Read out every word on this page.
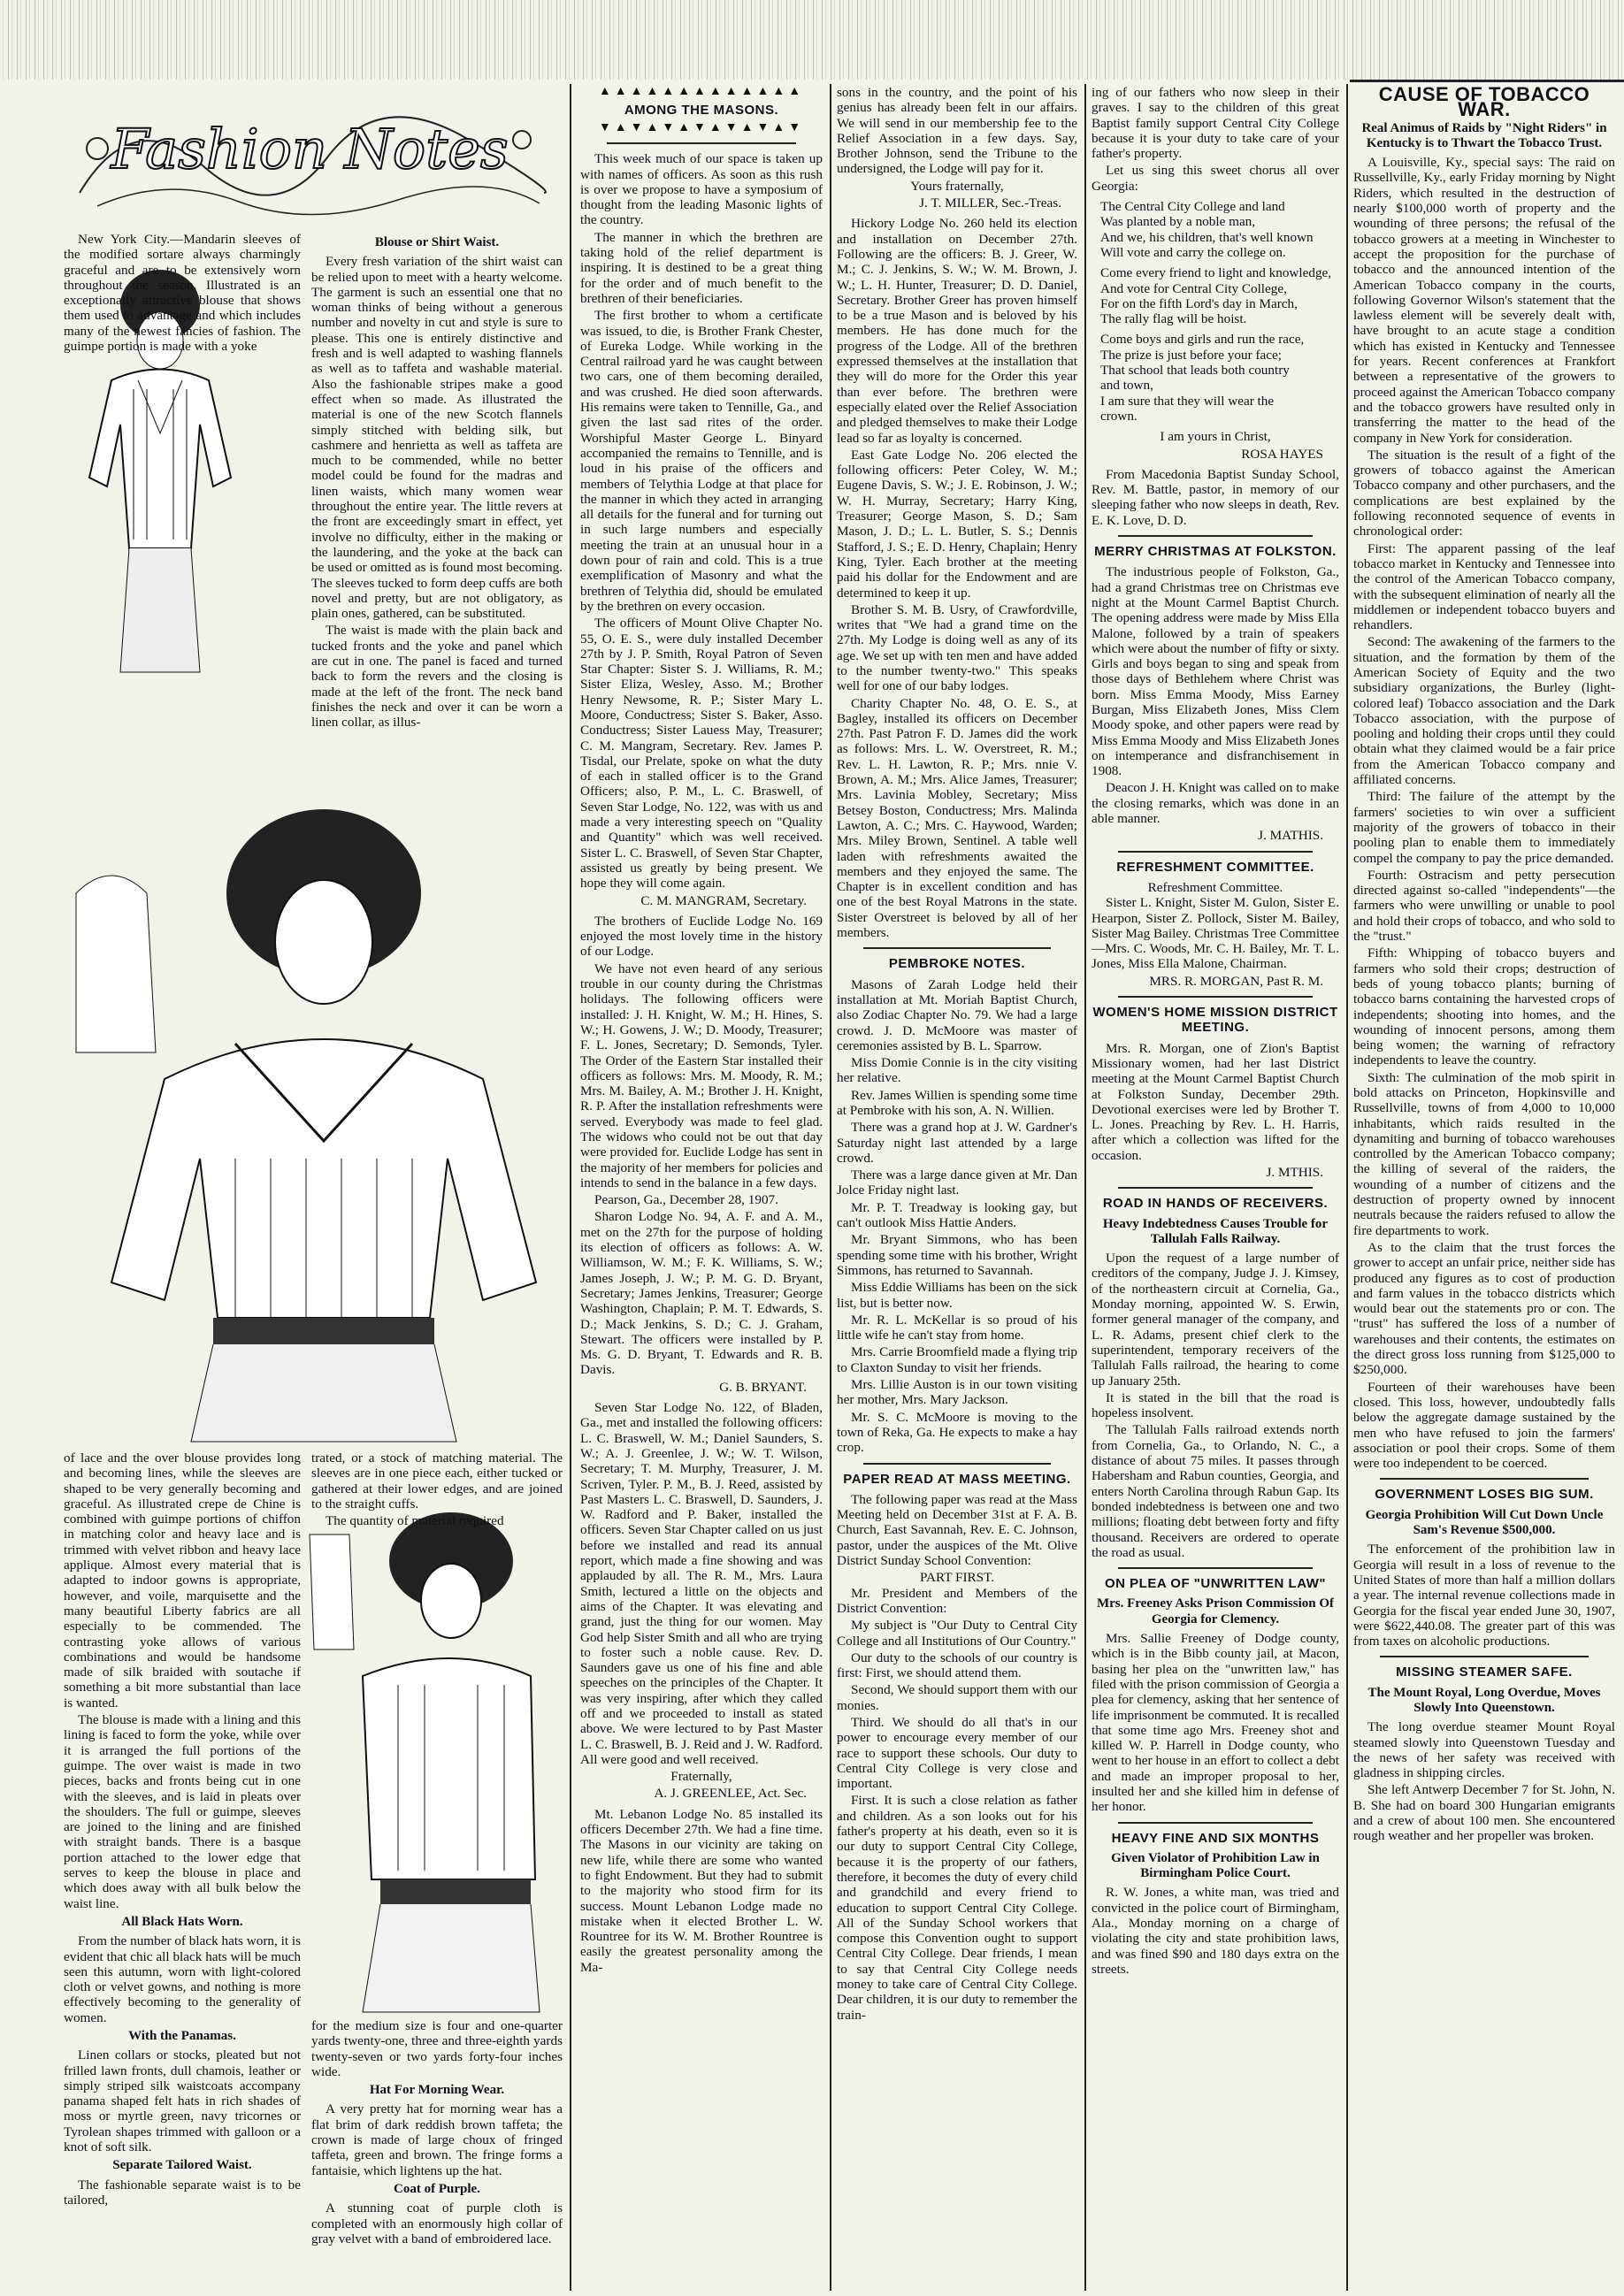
Fashion Notes

New York City.—Mandarin sleeves of the modified sortare always charmingly graceful and are to be extensively worn throughout the season. Illustrated is an exceptionally attractive blouse that shows them used to advantage and which includes many of the newest fancies of fashion. The guimpe portion is made with a yoke

of lace and the over blouse provides long and becoming lines, while the sleeves are shaped to be very generally becoming and graceful. As illustrated crepe de Chine is combined with guimpe portions of chiffon in matching color and heavy lace and is trimmed with velvet ribbon and heavy lace applique. Almost every material that is adapted to indoor gowns is appropriate, however, and voile, marquisette and the many beautiful Liberty fabrics are all especially to be commended. The contrasting yoke allows of various combinations and would be handsome made of silk braided with soutache if something a bit more substantial than lace is wanted.

The blouse is made with a lining and this lining is faced to form the yoke, while over it is arranged the full portions of the guimpe. The over waist is made in two pieces, backs and fronts being cut in one with the sleeves, and is laid in pleats over the shoulders. The full or guimpe, sleeves are joined to the lining and are finished with straight bands. There is a basque portion attached to the lower edge that serves to keep the blouse in place and which does away with all bulk below the waist line.

All Black Hats Worn.

From the number of black hats worn, it is evident that chic all black hats will be much seen this autumn, worn with light-colored cloth or velvet gowns, and nothing is more effectively becoming to the generality of women.

With the Panamas.

Linen collars or stocks, pleated but not frilled lawn fronts, dull chamois, leather or simply striped silk waistcoats accompany panama shaped felt hats in rich shades of moss or myrtle green, navy tricornes or Tyrolean shapes trimmed with galloon or a knot of soft silk.

Separate Tailored Waist.

The fashionable separate waist is to be tailored,

Blouse or Shirt Waist.

Every fresh variation of the shirt waist can be relied upon to meet with a hearty welcome. The garment is such an essential one that no woman thinks of being without a generous number and novelty in cut and style is sure to please. This one is entirely distinctive and fresh and is well adapted to washing flannels as well as to taffeta and washable material. Also the fashionable stripes make a good effect when so made. As illustrated the material is one of the new Scotch flannels simply stitched with belding silk, but cashmere and henrietta as well as taffeta are much to be commended, while no better model could be found for the madras and linen waists, which many women wear throughout the entire year. The little revers at the front are exceedingly smart in effect, yet involve no difficulty, either in the making or the laundering, and the yoke at the back can be used or omitted as is found most becoming. The sleeves tucked to form deep cuffs are both novel and pretty, but are not obligatory, as plain ones, gathered, can be substituted.

The waist is made with the plain back and tucked fronts and the yoke and panel which are cut in one. The panel is faced and turned back to form the revers and the closing is made at the left of the front. The neck band finishes the neck and over it can be worn a linen collar, as illus-

trated, or a stock of matching material. The sleeves are in one piece each, either tucked or gathered at their lower edges, and are joined to the straight cuffs.

The quantity of material required

for the medium size is four and one-quarter yards twenty-one, three and three-eighth yards twenty-seven or two yards forty-four inches wide.

Hat For Morning Wear.

A very pretty hat for morning wear has a flat brim of dark reddish brown taffeta; the crown is made of large choux of fringed taffeta, green and brown. The fringe forms a fantaisie, which lightens up the hat.

Coat of Purple.

A stunning coat of purple cloth is completed with an enormously high collar of gray velvet with a band of embroidered lace.

▲▲▲▲▲▲▲▲▲▲▲▲▲
AMONG THE MASONS.
▼▲▼▲▼▲▼▲▼▲▼▲▼

This week much of our space is taken up with names of officers. As soon as this rush is over we propose to have a symposium of thought from the leading Masonic lights of the country.

The manner in which the brethren are taking hold of the relief department is inspiring. It is destined to be a great thing for the order and of much benefit to the brethren of their beneficiaries.

The first brother to whom a certificate was issued, to die, is Brother Frank Chester, of Eureka Lodge. While working in the Central railroad yard he was caught between two cars, one of them becoming derailed, and was crushed. He died soon afterwards. His remains were taken to Tennille, Ga., and given the last sad rites of the order. Worshipful Master George L. Binyard accompanied the remains to Tennille, and is loud in his praise of the officers and members of Telythia Lodge at that place for the manner in which they acted in arranging all details for the funeral and for turning out in such large numbers and especially meeting the train at an unusual hour in a down pour of rain and cold. This is a true exemplification of Masonry and what the brethren of Telythia did, should be emulated by the brethren on every occasion.

The officers of Mount Olive Chapter No. 55, O. E. S., were duly installed December 27th by J. P. Smith, Royal Patron of Seven Star Chapter: Sister S. J. Williams, R. M.; Sister Eliza, Wesley, Asso. M.; Brother Henry Newsome, R. P.; Sister Mary L. Moore, Conductress; Sister S. Baker, Asso. Conductress; Sister Lauess May, Treasurer; C. M. Mangram, Secretary. Rev. James P. Tisdal, our Prelate, spoke on what the duty of each in stalled officer is to the Grand Officers; also, P. M., L. C. Braswell, of Seven Star Lodge, No. 122, was with us and made a very interesting speech on "Quality and Quantity" which was well received. Sister L. C. Braswell, of Seven Star Chapter, assisted us greatly by being present. We hope they will come again.

C. M. MANGRAM, Secretary.

The brothers of Euclide Lodge No. 169 enjoyed the most lovely time in the history of our Lodge.

We have not even heard of any serious trouble in our county during the Christmas holidays. The following officers were installed: J. H. Knight, W. M.; H. Hines, S. W.; H. Gowens, J. W.; D. Moody, Treasurer; F. L. Jones, Secretary; D. Semonds, Tyler. The Order of the Eastern Star installed their officers as follows: Mrs. M. Moody, R. M.; Mrs. M. Bailey, A. M.; Brother J. H. Knight, R. P. After the installation refreshments were served. Everybody was made to feel glad. The widows who could not be out that day were provided for. Euclide Lodge has sent in the majority of her members for policies and intends to send in the balance in a few days.

Pearson, Ga., December 28, 1907.

Sharon Lodge No. 94, A. F. and A. M., met on the 27th for the purpose of holding its election of officers as follows: A. W. Williamson, W. M.; F. K. Williams, S. W.; James Joseph, J. W.; P. M. G. D. Bryant, Secretary; James Jenkins, Treasurer; George Washington, Chaplain; P. M. T. Edwards, S. D.; Mack Jenkins, S. D.; C. J. Graham, Stewart. The officers were installed by P. Ms. G. D. Bryant, T. Edwards and R. B. Davis.

G. B. BRYANT.

Seven Star Lodge No. 122, of Bladen, Ga., met and installed the following officers: L. C. Braswell, W. M.; Daniel Saunders, S. W.; A. J. Greenlee, J. W.; W. T. Wilson, Secretary; T. M. Murphy, Treasurer, J. M. Scriven, Tyler. P. M., B. J. Reed, assisted by Past Masters L. C. Braswell, D. Saunders, J. W. Radford and P. Baker, installed the officers. Seven Star Chapter called on us just before we installed and read its annual report, which made a fine showing and was applauded by all. The R. M., Mrs. Laura Smith, lectured a little on the objects and aims of the Chapter. It was elevating and grand, just the thing for our women. May God help Sister Smith and all who are trying to foster such a noble cause. Rev. D. Saunders gave us one of his fine and able speeches on the principles of the Chapter. It was very inspiring, after which they called off and we proceeded to install as stated above. We were lectured to by Past Master L. C. Braswell, B. J. Reid and J. W. Radford. All were good and well received.

Fraternally,
A. J. GREENLEE, Act. Sec.

Mt. Lebanon Lodge No. 85 installed its officers December 27th. We had a fine time. The Masons in our vicinity are taking on new life, while there are some who wanted to fight Endowment. But they had to submit to the majority who stood firm for its success. Mount Lebanon Lodge made no mistake when it elected Brother L. W. Rountree for its W. M. Brother Rountree is easily the greatest personality among the Ma-

sons in the country, and the point of his genius has already been felt in our affairs. We will send in our membership fee to the Relief Association in a few days. Say, Brother Johnson, send the Tribune to the undersigned, the Lodge will pay for it.

Yours fraternally,
J. T. MILLER, Sec.-Treas.

Hickory Lodge No. 260 held its election and installation on December 27th. Following are the officers: B. J. Greer, W. M.; C. J. Jenkins, S. W.; W. M. Brown, J. W.; L. H. Hunter, Treasurer; D. D. Daniel, Secretary. Brother Greer has proven himself to be a true Mason and is beloved by his members. He has done much for the progress of the Lodge. All of the brethren expressed themselves at the installation that they will do more for the Order this year than ever before. The brethren were especially elated over the Relief Association and pledged themselves to make their Lodge lead so far as loyalty is concerned.

East Gate Lodge No. 206 elected the following officers: Peter Coley, W. M.; Eugene Davis, S. W.; J. E. Robinson, J. W.; W. H. Murray, Secretary; Harry King, Treasurer; George Mason, S. D.; Sam Mason, J. D.; L. L. Butler, S. S.; Dennis Stafford, J. S.; E. D. Henry, Chaplain; Henry King, Tyler. Each brother at the meeting paid his dollar for the Endowment and are determined to keep it up.

Brother S. M. B. Usry, of Crawfordville, writes that "We had a grand time on the 27th. My Lodge is doing well as any of its age. We set up with ten men and have added to the number twenty-two." This speaks well for one of our baby lodges.

Charity Chapter No. 48, O. E. S., at Bagley, installed its officers on December 27th. Past Patron F. D. James did the work as follows: Mrs. L. W. Overstreet, R. M.; Rev. L. H. Lawton, R. P.; Mrs. nnie V. Brown, A. M.; Mrs. Alice James, Treasurer; Mrs. Lavinia Mobley, Secretary; Miss Betsey Boston, Conductress; Mrs. Malinda Lawton, A. C.; Mrs. C. Haywood, Warden; Mrs. Miley Brown, Sentinel. A table well laden with refreshments awaited the members and they enjoyed the same. The Chapter is in excellent condition and has one of the best Royal Matrons in the state. Sister Overstreet is beloved by all of her members.

PEMBROKE NOTES.

Masons of Zarah Lodge held their installation at Mt. Moriah Baptist Church, also Zodiac Chapter No. 79. We had a large crowd. J. D. McMoore was master of ceremonies assisted by B. L. Sparrow.

Miss Domie Connie is in the city visiting her relative.

Rev. James Willien is spending some time at Pembroke with his son, A. N. Willien.

There was a grand hop at J. W. Gardner's Saturday night last attended by a large crowd.

There was a large dance given at Mr. Dan Jolce Friday night last.

Mr. P. T. Treadway is looking gay, but can't outlook Miss Hattie Anders.

Mr. Bryant Simmons, who has been spending some time with his brother, Wright Simmons, has returned to Savannah.

Miss Eddie Williams has been on the sick list, but is better now.

Mr. R. L. McKellar is so proud of his little wife he can't stay from home.

Mrs. Carrie Broomfield made a flying trip to Claxton Sunday to visit her friends.

Mrs. Lillie Auston is in our town visiting her mother, Mrs. Mary Jackson.

Mr. S. C. McMoore is moving to the town of Reka, Ga. He expects to make a hay crop.

PAPER READ AT MASS MEETING.

The following paper was read at the Mass Meeting held on December 31st at F. A. B. Church, East Savannah, Rev. E. C. Johnson, pastor, under the auspices of the Mt. Olive District Sunday School Convention:

PART FIRST.

Mr. President and Members of the District Convention:

My subject is "Our Duty to Central City College and all Institutions of Our Country."

Our duty to the schools of our country is first: First, we should attend them.

Second, We should support them with our monies.

Third. We should do all that's in our power to encourage every member of our race to support these schools. Our duty to Central City College is very close and important.

First. It is such a close relation as father and children. As a son looks out for his father's property at his death, even so it is our duty to support Central City College, because it is the property of our fathers, therefore, it becomes the duty of every child and grandchild and every friend to education to support Central City College. All of the Sunday School workers that compose this Convention ought to support Central City College. Dear friends, I mean to say that Central City College needs money to take care of Central City College. Dear children, it is our duty to remember the train-

ing of our fathers who now sleep in their graves. I say to the children of this great Baptist family support Central City College because it is your duty to take care of your father's property.

Let us sing this sweet chorus all over Georgia:

The Central City College and land
Was planted by a noble man,
And we, his children, that's well known
Will vote and carry the college on.
Come every friend to light and knowledge,
And vote for Central City College,
For on the fifth Lord's day in March,
The rally flag will be hoist.
Come boys and girls and run the race,
The prize is just before your face;
That school that leads both country
and town,
I am sure that they will wear the
crown.
I am yours in Christ,
ROSA HAYES

From Macedonia Baptist Sunday School, Rev. M. Battle, pastor, in memory of our sleeping father who now sleeps in death, Rev. E. K. Love, D. D.

MERRY CHRISTMAS AT FOLKSTON.

The industrious people of Folkston, Ga., had a grand Christmas tree on Christmas eve night at the Mount Carmel Baptist Church. The opening address were made by Miss Ella Malone, followed by a train of speakers which were about the number of fifty or sixty. Girls and boys began to sing and speak from those days of Bethlehem where Christ was born. Miss Emma Moody, Miss Earney Burgan, Miss Elizabeth Jones, Miss Clem Moody spoke, and other papers were read by Miss Emma Moody and Miss Elizabeth Jones on intemperance and disfranchisement in 1908.

Deacon J. H. Knight was called on to make the closing remarks, which was done in an able manner.

J. MATHIS.
REFRESHMENT COMMITTEE.
Refreshment Committee.

Sister L. Knight, Sister M. Gulon, Sister E. Hearpon, Sister Z. Pollock, Sister M. Bailey, Sister Mag Bailey. Christmas Tree Committee—Mrs. C. Woods, Mr. C. H. Bailey, Mr. T. L. Jones, Miss Ella Malone, Chairman.

MRS. R. MORGAN, Past R. M.
WOMEN'S HOME MISSION DISTRICT MEETING.

Mrs. R. Morgan, one of Zion's Baptist Missionary women, had her last District meeting at the Mount Carmel Baptist Church at Folkston Sunday, December 29th. Devotional exercises were led by Brother T. L. Jones. Preaching by Rev. L. H. Harris, after which a collection was lifted for the occasion.

J. MTHIS.
ROAD IN HANDS OF RECEIVERS.
Heavy Indebtedness Causes Trouble for Tallulah Falls Railway.

Upon the request of a large number of creditors of the company, Judge J. J. Kimsey, of the northeastern circuit at Cornelia, Ga., Monday morning, appointed W. S. Erwin, former general manager of the company, and L. R. Adams, present chief clerk to the superintendent, temporary receivers of the Tallulah Falls railroad, the hearing to come up January 25th.

It is stated in the bill that the road is hopeless insolvent.

The Tallulah Falls railroad extends north from Cornelia, Ga., to Orlando, N. C., a distance of about 75 miles. It passes through Habersham and Rabun counties, Georgia, and enters North Carolina through Rabun Gap. Its bonded indebtedness is between one and two millions; floating debt between forty and fifty thousand. Receivers are ordered to operate the road as usual.

ON PLEA OF "UNWRITTEN LAW"
Mrs. Freeney Asks Prison Commission Of Georgia for Clemency.

Mrs. Sallie Freeney of Dodge county, which is in the Bibb county jail, at Macon, basing her plea on the "unwritten law," has filed with the prison commission of Georgia a plea for clemency, asking that her sentence of life imprisonment be commuted. It is recalled that some time ago Mrs. Freeney shot and killed W. P. Harrell in Dodge county, who went to her house in an effort to collect a debt and made an improper proposal to her, insulted her and she killed him in defense of her honor.

HEAVY FINE AND SIX MONTHS
Given Violator of Prohibition Law in Birmingham Police Court.

R. W. Jones, a white man, was tried and convicted in the police court of Birmingham, Ala., Monday morning on a charge of violating the city and state prohibition laws, and was fined $90 and 180 days extra on the streets.

CAUSE OF TOBACCO WAR.
Real Animus of Raids by "Night Riders" in Kentucky is to Thwart the Tobacco Trust.

A Louisville, Ky., special says: The raid on Russellville, Ky., early Friday morning by Night Riders, which resulted in the destruction of nearly $100,000 worth of property and the wounding of three persons; the refusal of the tobacco growers at a meeting in Winchester to accept the proposition for the purchase of tobacco and the announced intention of the American Tobacco company in the courts, following Governor Wilson's statement that the lawless element will be severely dealt with, have brought to an acute stage a condition which has existed in Kentucky and Tennessee for years. Recent conferences at Frankfort between a representative of the growers to proceed against the American Tobacco company and the tobacco growers have resulted only in transferring the matter to the head of the company in New York for consideration.

The situation is the result of a fight of the growers of tobacco against the American Tobacco company and other purchasers, and the complications are best explained by the following reconnoted sequence of events in chronological order:

First: The apparent passing of the leaf tobacco market in Kentucky and Tennessee into the control of the American Tobacco company, with the subsequent elimination of nearly all the middlemen or independent tobacco buyers and rehandlers.

Second: The awakening of the farmers to the situation, and the formation by them of the American Society of Equity and the two subsidiary organizations, the Burley (light-colored leaf) Tobacco association and the Dark Tobacco association, with the purpose of pooling and holding their crops until they could obtain what they claimed would be a fair price from the American Tobacco company and affiliated concerns.

Third: The failure of the attempt by the farmers' societies to win over a sufficient majority of the growers of tobacco in their pooling plan to enable them to immediately compel the company to pay the price demanded.

Fourth: Ostracism and petty persecution directed against so-called "independents"—the farmers who were unwilling or unable to pool and hold their crops of tobacco, and who sold to the "trust."

Fifth: Whipping of tobacco buyers and farmers who sold their crops; destruction of beds of young tobacco plants; burning of tobacco barns containing the harvested crops of independents; shooting into homes, and the wounding of innocent persons, among them being women; the warning of refractory independents to leave the country.

Sixth: The culmination of the mob spirit in bold attacks on Princeton, Hopkinsville and Russellville, towns of from 4,000 to 10,000 inhabitants, which raids resulted in the dynamiting and burning of tobacco warehouses controlled by the American Tobacco company; the killing of several of the raiders, the wounding of a number of citizens and the destruction of property owned by innocent neutrals because the raiders refused to allow the fire departments to work.

As to the claim that the trust forces the grower to accept an unfair price, neither side has produced any figures as to cost of production and farm values in the tobacco districts which would bear out the statements pro or con. The "trust" has suffered the loss of a number of warehouses and their contents, the estimates on the direct gross loss running from $125,000 to $250,000.

Fourteen of their warehouses have been closed. This loss, however, undoubtedly falls below the aggregate damage sustained by the men who have refused to join the farmers' association or pool their crops. Some of them were too independent to be coerced.

GOVERNMENT LOSES BIG SUM.
Georgia Prohibition Will Cut Down Uncle Sam's Revenue $500,000.

The enforcement of the prohibition law in Georgia will result in a loss of revenue to the United States of more than half a million dollars a year. The internal revenue collections made in Georgia for the fiscal year ended June 30, 1907, were $622,440.08. The greater part of this was from taxes on alcoholic productions.

MISSING STEAMER SAFE.
The Mount Royal, Long Overdue, Moves Slowly Into Queenstown.

The long overdue steamer Mount Royal steamed slowly into Queenstown Tuesday and the news of her safety was received with gladness in shipping circles.

She left Antwerp December 7 for St. John, N. B. She had on board 300 Hungarian emigrants and a crew of about 100 men. She encountered rough weather and her propeller was broken.
